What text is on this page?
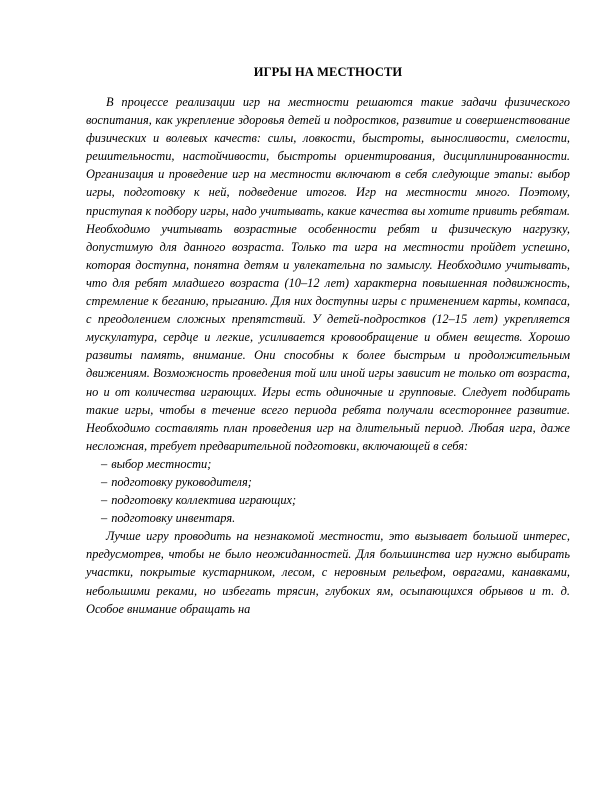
ИГРЫ НА МЕСТНОСТИ

В процессе реализации игр на местности решаются такие задачи физического воспитания, как укрепление здоровья детей и подростков, развитие и совершенствование физических и волевых качеств: силы, ловкости, быстроты, выносливости, смелости, решительности, настойчивости, быстроты ориентирования, дисциплинированности. Организация и проведение игр на местности включают в себя следующие этапы: выбор игры, подготовку к ней, подведение итогов. Игр на местности много. Поэтому, приступая к подбору игры, надо учитывать, какие качества вы хотите привить ребятам. Необходимо учитывать возрастные особенности ребят и физическую нагрузку, допустимую для данного возраста. Только та игра на местности пройдет успешно, которая доступна, понятна детям и увлекательна по замыслу. Необходимо учитывать, что для ребят младшего возраста (10–12 лет) характерна повышенная подвижность, стремление к беганию, прыганию. Для них доступны игры с применением карты, компаса, с преодолением сложных препятствий. У детей-подростков (12–15 лет) укрепляется мускулатура, сердце и легкие, усиливается кровообращение и обмен веществ. Хорошо развиты память, внимание. Они способны к более быстрым и продолжительным движениям. Возможность проведения той или иной игры зависит не только от возраста, но и от количества играющих. Игры есть одиночные и групповые. Следует подбирать такие игры, чтобы в течение всего периода ребята получали всестороннее развитие. Необходимо составлять план проведения игр на длительный период. Любая игра, даже несложная, требует предварительной подготовки, включающей в себя:

– выбор местности;
– подготовку руководителя;
– подготовку коллектива играющих;
– подготовку инвентаря.

Лучше игру проводить на незнакомой местности, это вызывает большой интерес, предусмотрев, чтобы не было неожиданностей. Для большинства игр нужно выбирать участки, покрытые кустарником, лесом, с неровным рельефом, оврагами, канавками, небольшими реками, но избегать трясин, глубоких ям, осыпающихся обрывов и т. д. Особое внимание обращать на
